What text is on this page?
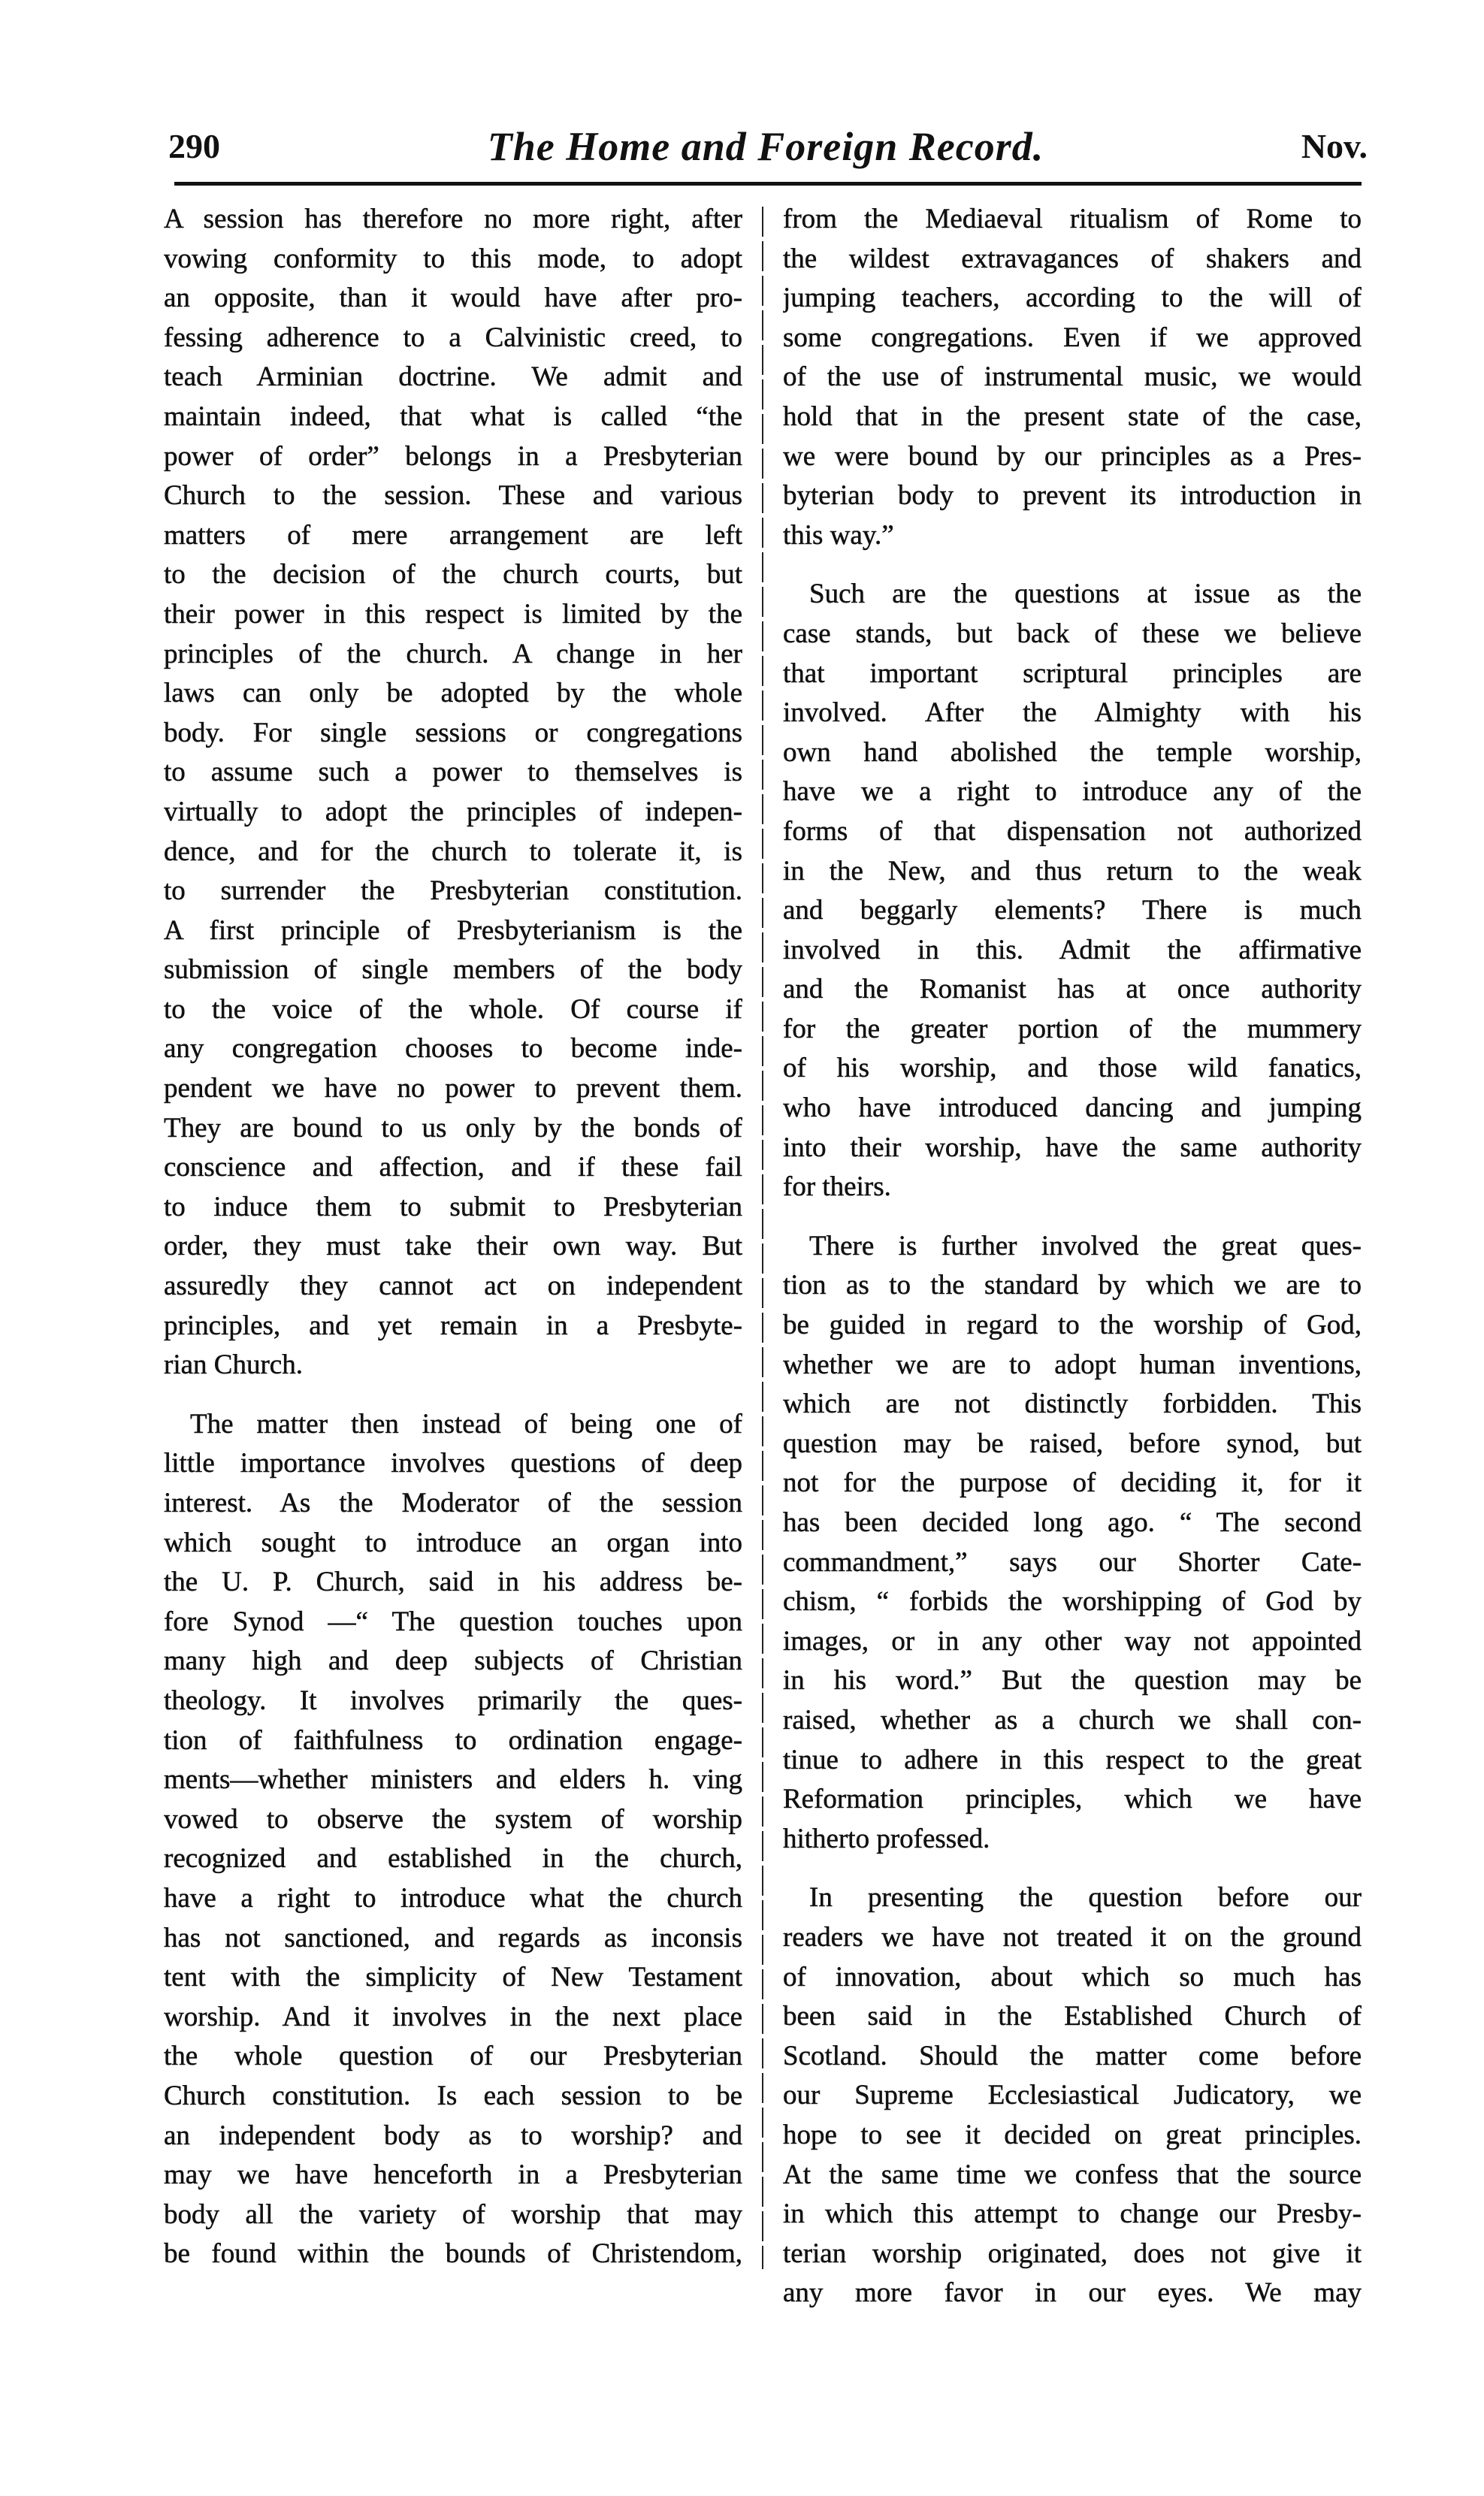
290	The Home and Foreign Record.	Nov.
A session has therefore no more right, after
vowing conformity to this mode, to adopt
an opposite, than it would have after pro-
fessing adherence to a Calvinistic creed, to
teach Arminian doctrine. We admit and
maintain indeed, that what is called “the
power of order” belongs in a Presbyterian
Church to the session. These and various
matters of mere arrangement are left
to the decision of the church courts, but
their power in this respect is limited by the
principles of the church. A change in her
laws can only be adopted by the whole
body. For single sessions or congregations
to assume such a power to themselves is
virtually to adopt the principles of indepen-
dence, and for the church to tolerate it, is
to surrender the Presbyterian constitution.
A first principle of Presbyterianism is the
submission of single members of the body
to the voice of the whole. Of course if
any congregation chooses to become inde-
pendent we have no power to prevent them.
They are bound to us only by the bonds of
conscience and affection, and if these fail
to induce them to submit to Presbyterian
order, they must take their own way. But
assuredly they cannot act on independent
principles, and yet remain in a Presbyte-
rian Church.
The matter then instead of being one of
little importance involves questions of deep
interest. As the Moderator of the session
which sought to introduce an organ into
the U. P. Church, said in his address be-
fore Synod —“ The question touches upon
many high and deep subjects of Christian
theology. It involves primarily the ques-
tion of faithfulness to ordination engage-
ments—whether ministers and elders h. ving
vowed to observe the system of worship
recognized and established in the church,
have a right to introduce what the church
has not sanctioned, and regards as inconsis
tent with the simplicity of New Testament
worship. And it involves in the next place
the whole question of our Presbyterian
Church constitution. Is each session to be
an independent body as to worship? and
may we have henceforth in a Presbyterian
body all the variety of worship that may
be found within the bounds of Christendom,
from the Mediaeval ritualism of Rome to
the wildest extravagances of shakers and
jumping teachers, according to the will of
some congregations. Even if we approved
of the use of instrumental music, we would
hold that in the present state of the case,
we were bound by our principles as a Pres-
byterian body to prevent its introduction in
this way.”
Such are the questions at issue as the
case stands, but back of these we believe
that important scriptural principles are
involved. After the Almighty with his
own hand abolished the temple worship,
have we a right to introduce any of the
forms of that dispensation not authorized
in the New, and thus return to the weak
and beggarly elements? There is much
involved in this. Admit the affirmative
and the Romanist has at once authority
for the greater portion of the mummery
of his worship, and those wild fanatics,
who have introduced dancing and jumping
into their worship, have the same authority
for theirs.
There is further involved the great ques-
tion as to the standard by which we are to
be guided in regard to the worship of God,
whether we are to adopt human inventions,
which are not distinctly forbidden. This
question may be raised, before synod, but
not for the purpose of deciding it, for it
has been decided long ago. “ The second
commandment,” says our Shorter Cate-
chism, “ forbids the worshipping of God by
images, or in any other way not appointed
in his word.” But the question may be
raised, whether as a church we shall con-
tinue to adhere in this respect to the great
Reformation principles, which we have
hitherto professed.
In presenting the question before our
readers we have not treated it on the ground
of innovation, about which so much has
been said in the Established Church of
Scotland. Should the matter come before
our Supreme Ecclesiastical Judicatory, we
hope to see it decided on great principles.
At the same time we confess that the source
in which this attempt to change our Presby-
terian worship originated, does not give it
any more favor in our eyes. We may
